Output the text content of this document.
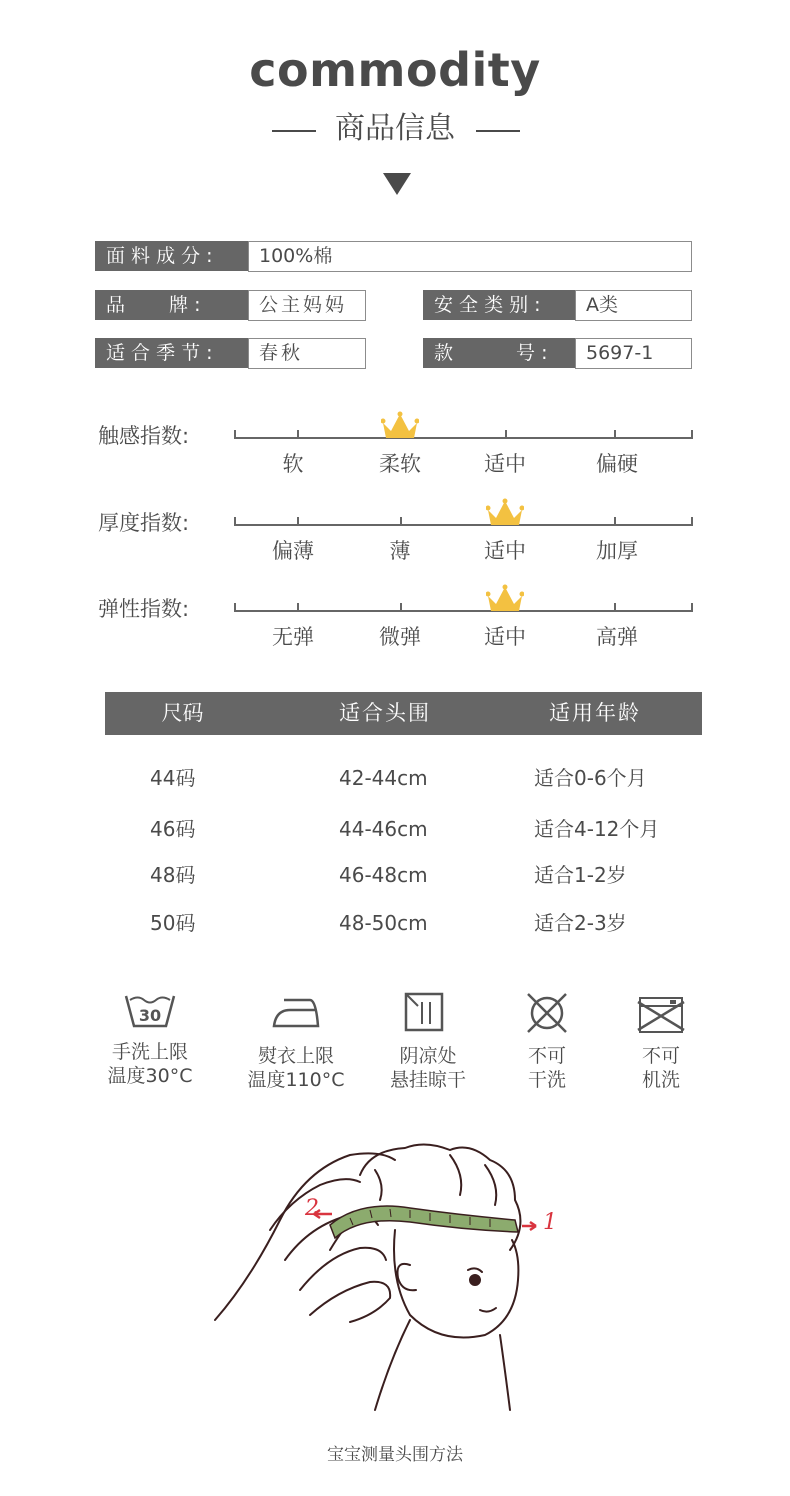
commodity
商品信息
面 料 成 分 :	100%棉
品　　 牌 :	公主妈妈	安 全 类 别 :	A类
适 合 季 节 :	春秋	款　　　 号 :	5697-1
触感指数:
软	柔软	适中	偏硬
厚度指数:
偏薄	薄	适中	加厚
弹性指数:
无弹	微弹	适中	高弹
尺码	适合头围	适用年龄
44码	42-44cm	适合0-6个月
46码	44-46cm	适合4-12个月
48码	46-48cm	适合1-2岁
50码	48-50cm	适合2-3岁
30
手洗上限
温度30°C
熨衣上限
温度110°C
阴凉处
悬挂晾干
不可
干洗
不可
机洗
2
1
宝宝测量头围方法
